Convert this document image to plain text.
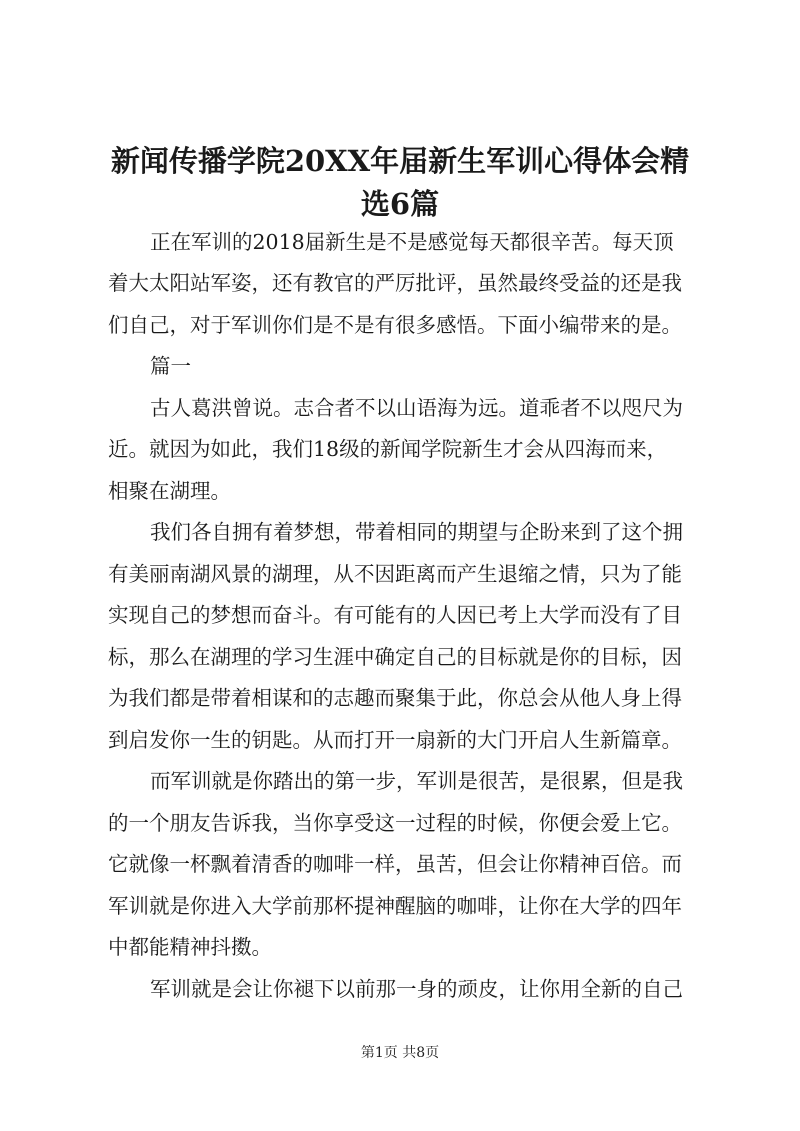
新闻传播学院20XX年届新生军训心得体会精
选6篇
正在军训的2018届新生是不是感觉每天都很辛苦。每天顶
着大太阳站军姿，还有教官的严厉批评，虽然最终受益的还是我
们自己，对于军训你们是不是有很多感悟。下面小编带来的是。
篇一
古人葛洪曾说。志合者不以山语海为远。道乖者不以咫尺为
近。就因为如此，我们18级的新闻学院新生才会从四海而来，
相聚在湖理。
我们各自拥有着梦想，带着相同的期望与企盼来到了这个拥
有美丽南湖风景的湖理，从不因距离而产生退缩之情，只为了能
实现自己的梦想而奋斗。有可能有的人因已考上大学而没有了目
标，那么在湖理的学习生涯中确定自己的目标就是你的目标，因
为我们都是带着相谋和的志趣而聚集于此，你总会从他人身上得
到启发你一生的钥匙。从而打开一扇新的大门开启人生新篇章。
而军训就是你踏出的第一步，军训是很苦，是很累，但是我
的一个朋友告诉我，当你享受这一过程的时候，你便会爱上它。
它就像一杯飘着清香的咖啡一样，虽苦，但会让你精神百倍。而
军训就是你进入大学前那杯提神醒脑的咖啡，让你在大学的四年
中都能精神抖擞。
军训就是会让你褪下以前那一身的顽皮，让你用全新的自己
第1页 共8页
